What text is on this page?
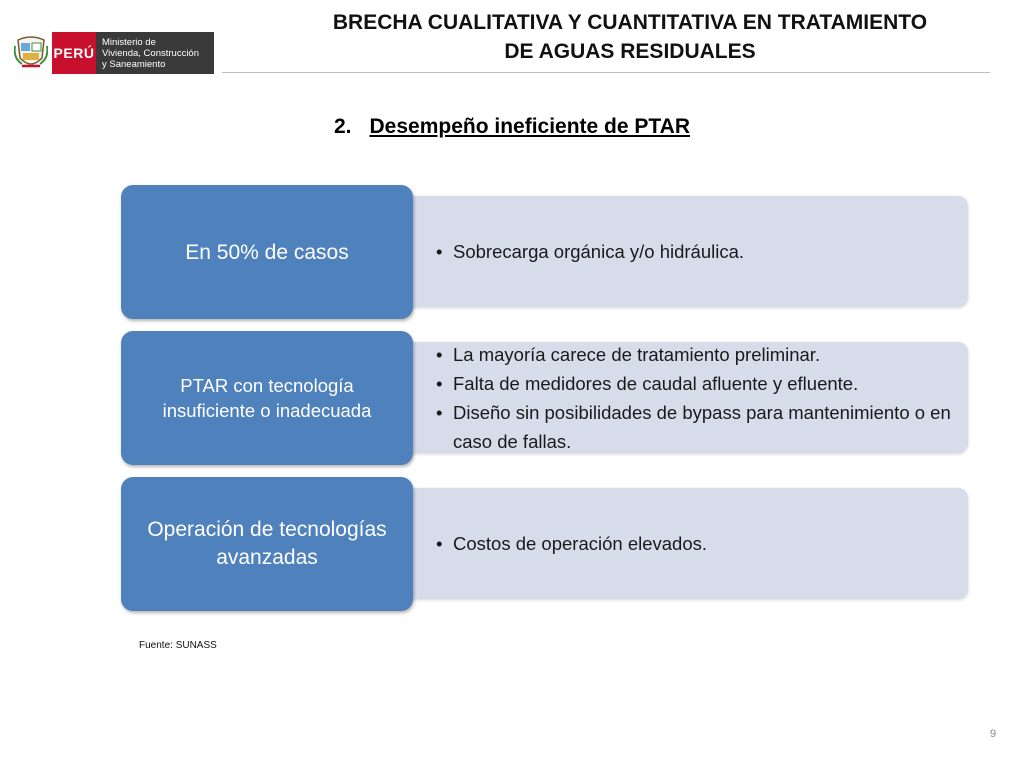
PERÚ
Ministerio de
Vivienda, Construcción
y Saneamiento
BRECHA CUALITATIVA Y CUANTITATIVA EN TRATAMIENTO
DE AGUAS RESIDUALES
2. Desempeño ineficiente de PTAR
En 50% de casos
•	Sobrecarga orgánica y/o hidráulica.
PTAR con tecnología insuficiente o inadecuada
• La mayoría carece de tratamiento preliminar.
• Falta de medidores de caudal afluente y efluente.
• Diseño sin posibilidades de bypass para mantenimiento o en caso de fallas.
Operación de tecnologías avanzadas
• Costos de operación elevados.
Fuente: SUNASS
9
